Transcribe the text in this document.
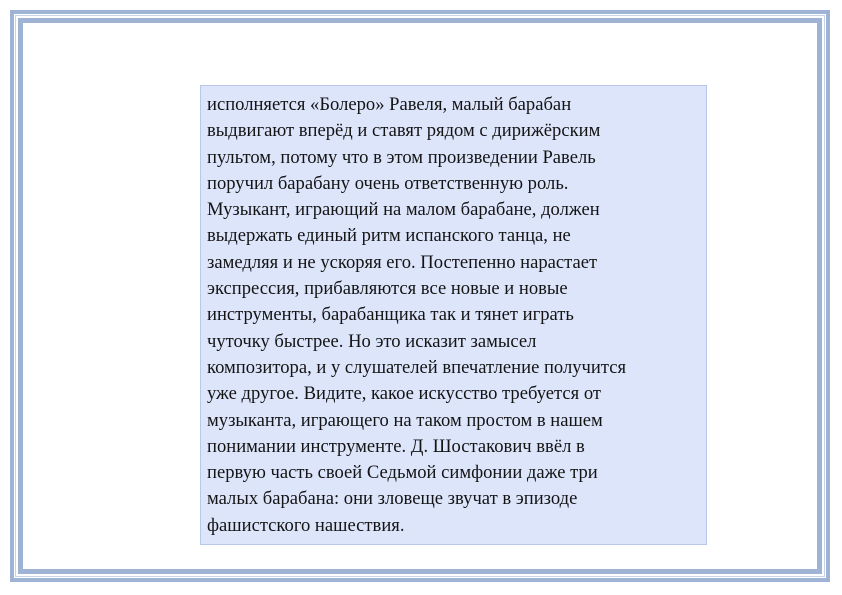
исполняется «Болеро» Равеля, малый барабан
выдвигают вперёд и ставят рядом с дирижёрским
пультом, потому что в этом произведении Равель
поручил барабану очень ответственную роль.
Музыкант, играющий на малом барабане, должен
выдержать единый ритм испанского танца, не
замедляя и не ускоряя его. Постепенно нарастает
экспрессия, прибавляются все новые и новые
инструменты, барабанщика так и тянет играть
чуточку быстрее. Но это исказит замысел
композитора, и у слушателей впечатление получится
уже другое. Видите, какое искусство требуется от
музыканта, играющего на таком простом в нашем
понимании инструменте. Д. Шостакович ввёл в
первую часть своей Седьмой симфонии даже три
малых барабана: они зловеще звучат в эпизоде
фашистского нашествия.
